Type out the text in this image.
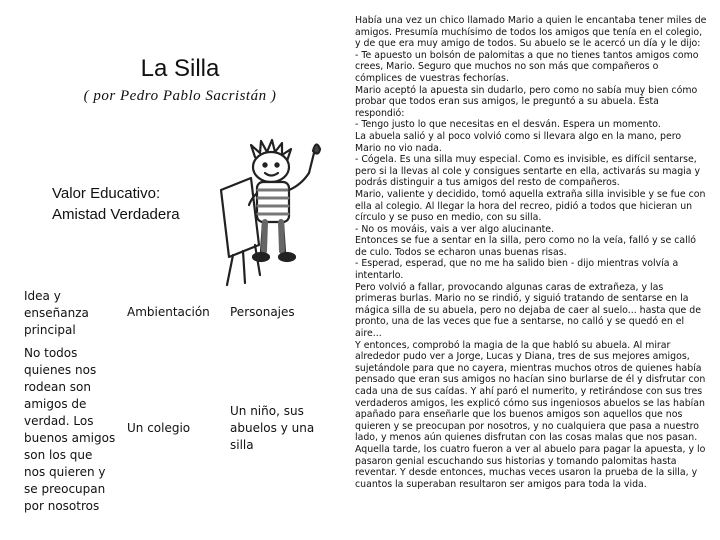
La Silla
( por Pedro Pablo Sacristán )
Valor Educativo:
Amistad Verdadera
Idea y enseñanza principal
Ambientación	Personajes
No todos quienes nos rodean son amigos de verdad. Los buenos amigos son los que nos quieren y se preocupan por nosotros
Un colegio
Un niño, sus abuelos y una silla

Había una vez un chico llamado Mario a quien le encantaba tener miles de amigos. Presumía muchísimo de todos los amigos que tenía en el colegio, y de que era muy amigo de todos. Su abuelo se le acercó un día y le dijo:

- Te apuesto un bolsón de palomitas a que no tienes tantos amigos como crees, Mario. Seguro que muchos no son más que compañeros o cómplices de vuestras fechorías.

Mario aceptó la apuesta sin dudarlo, pero como no sabía muy bien cómo probar que todos eran sus amigos, le preguntó a su abuela. Ésta respondió:

- Tengo justo lo que necesitas en el desván. Espera un momento.

La abuela salió y al poco volvió como si llevara algo en la mano, pero Mario no vio nada.

- Cógela. Es una silla muy especial. Como es invisible, es difícil sentarse, pero si la llevas al cole y consigues sentarte en ella, activarás su magia y podrás distinguir a tus amigos del resto de compañeros.

Mario, valiente y decidido, tomó aquella extraña silla invisible y se fue con ella al colegio. Al llegar la hora del recreo, pidió a todos que hicieran un círculo y se puso en medio, con su silla.

- No os mováis, vais a ver algo alucinante.

Entonces se fue a sentar en la silla, pero como no la veía, falló y se calló de culo. Todos se echaron unas buenas risas.

- Esperad, esperad, que no me ha salido bien - dijo mientras volvía a intentarlo.

Pero volvió a fallar, provocando algunas caras de extrañeza, y las primeras burlas. Mario no se rindió, y siguió tratando de sentarse en la mágica silla de su abuela, pero no dejaba de caer al suelo... hasta que de pronto, una de las veces que fue a sentarse, no calló y se quedó en el aire...

Y entonces, comprobó la magia de la que habló su abuela. Al mirar alrededor pudo ver a Jorge, Lucas y Diana, tres de sus mejores amigos, sujetándole para que no cayera, mientras muchos otros de quienes había pensado que eran sus amigos no hacían sino burlarse de él y disfrutar con cada una de sus caídas. Y ahí paró el numerito, y retirándose con sus tres verdaderos amigos, les explicó cómo sus ingeniosos abuelos se las habían apañado para enseñarle que los buenos amigos son aquellos que nos quieren y se preocupan por nosotros, y no cualquiera que pasa a nuestro lado, y menos aún quienes disfrutan con las cosas malas que nos pasan.

Aquella tarde, los cuatro fueron a ver al abuelo para pagar la apuesta, y lo pasaron genial escuchando sus historias y tomando palomitas hasta reventar. Y desde entonces, muchas veces usaron la prueba de la silla, y cuantos la superaban resultaron ser amigos para toda la vida.
